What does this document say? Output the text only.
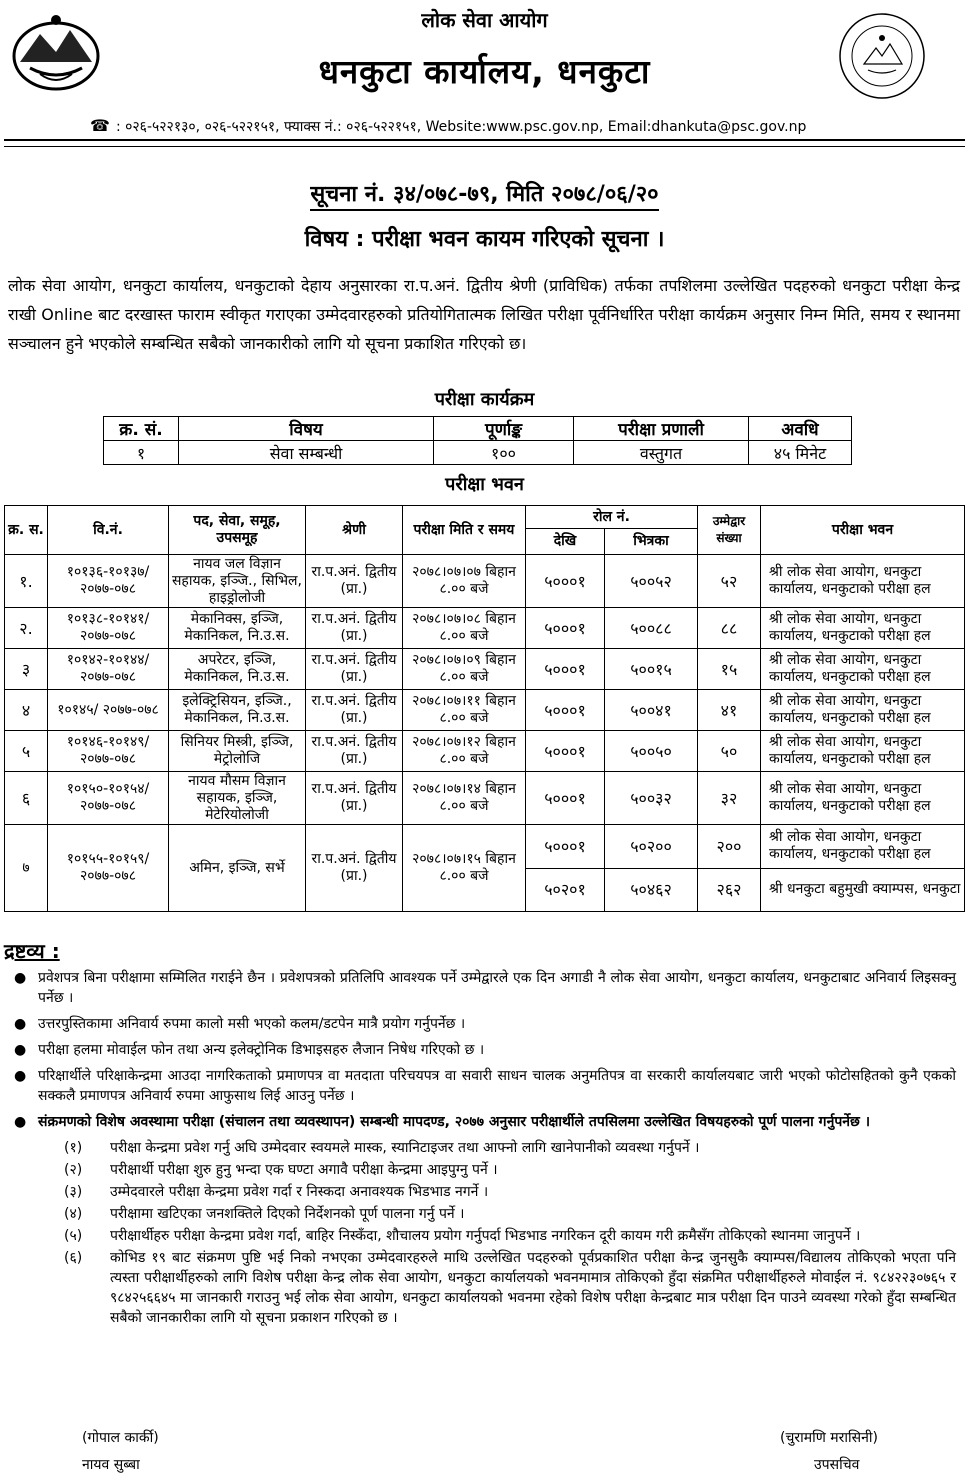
लोक सेवा आयोग
धनकुटा कार्यालय, धनकुटा
☎ : ०२६-५२२१३०, ०२६-५२२१५१, फ्याक्स नं.: ०२६-५२२१५१, Website:www.psc.gov.np, Email:dhankuta@psc.gov.np
सूचना नं. ३४/०७८-७९, मिति २०७८/०६/२०
विषय : परीक्षा भवन कायम गरिएको सूचना ।
लोक सेवा आयोग, धनकुटा कार्यालय, धनकुटाको देहाय अनुसारका रा.प.अनं. द्वितीय श्रेणी (प्राविधिक) तर्फका तपशिलमा उल्लेखित पदहरुको धनकुटा परीक्षा केन्द्र राखी Online बाट दरखास्त फाराम स्वीकृत गराएका उम्मेदवारहरुको प्रतियोगितात्मक लिखित परीक्षा पूर्वनिर्धारित परीक्षा कार्यक्रम अनुसार निम्न मिति, समय र स्थानमा सञ्चालन हुने भएकोले सम्बन्धित सबैको जानकारीको लागि यो सूचना प्रकाशित गरिएको छ।
परीक्षा कार्यक्रम
क्र. सं.	विषय	पूर्णाङ्क	परीक्षा प्रणाली	अवधि
१	सेवा सम्बन्धी	१००	वस्तुगत	४५ मिनेट
परीक्षा भवन
क्र. स.	वि.नं.	पद, सेवा, समूह, उपसमूह	श्रेणी	परीक्षा मिति र समय	रोल नं.		उम्मेद्वार संख्या	परीक्षा भवन
					देखि	भित्रका		
१.	१०१३६-१०१३७/ २०७७-०७८	नायव जल विज्ञान सहायक, इञ्जि., सिभिल, हाइड्रोलोजी	रा.प.अनं. द्वितीय (प्रा.)	२०७८।०७।०७ बिहान ८.०० बजे	५०००१	५००५२	५२	श्री लोक सेवा आयोग, धनकुटा कार्यालय, धनकुटाको परीक्षा हल
२.	१०१३८-१०१४१/ २०७७-०७८	मेकानिक्स, इञ्जि, मेकानिकल, नि.उ.स.	रा.प.अनं. द्वितीय (प्रा.)	२०७८।०७।०८ बिहान ८.०० बजे	५०००१	५००८८	८८	श्री लोक सेवा आयोग, धनकुटा कार्यालय, धनकुटाको परीक्षा हल
३	१०१४२-१०१४४/ २०७७-०७८	अपरेटर, इञ्जि, मेकानिकल, नि.उ.स.	रा.प.अनं. द्वितीय (प्रा.)	२०७८।०७।०९ बिहान ८.०० बजे	५०००१	५००१५	१५	श्री लोक सेवा आयोग, धनकुटा कार्यालय, धनकुटाको परीक्षा हल
४	१०१४५/ २०७७-०७८	इलेक्ट्रिसियन, इञ्जि., मेकानिकल, नि.उ.स.	रा.प.अनं. द्वितीय (प्रा.)	२०७८।०७।११ बिहान ८.०० बजे	५०००१	५००४१	४१	श्री लोक सेवा आयोग, धनकुटा कार्यालय, धनकुटाको परीक्षा हल
५	१०१४६-१०१४९/ २०७७-०७८	सिनियर मिस्त्री, इञ्जि, मेट्रोलोजि	रा.प.अनं. द्वितीय (प्रा.)	२०७८।०७।१२ बिहान ८.०० बजे	५०००१	५००५०	५०	श्री लोक सेवा आयोग, धनकुटा कार्यालय, धनकुटाको परीक्षा हल
६	१०१५०-१०१५४/ २०७७-०७८	नायव मौसम विज्ञान सहायक, इञ्जि, मेटेरियोलोजी	रा.प.अनं. द्वितीय (प्रा.)	२०७८।०७।१४ बिहान ८.०० बजे	५०००१	५००३२	३२	श्री लोक सेवा आयोग, धनकुटा कार्यालय, धनकुटाको परीक्षा हल
७	१०१५५-१०१५९/ २०७७-०७८	अमिन, इञ्जि, सर्भे	रा.प.अनं. द्वितीय (प्रा.)	२०७८।०७।१५ बिहान ८.०० बजे	५०००१	५०२००	२००	श्री लोक सेवा आयोग, धनकुटा कार्यालय, धनकुटाको परीक्षा हल
					५०२०१	५०४६२	२६२	श्री धनकुटा बहुमुखी क्याम्पस, धनकुटा
द्रष्टव्य :
● प्रवेशपत्र बिना परीक्षामा सम्मिलित गराईने छैन । प्रवेशपत्रको प्रतिलिपि आवश्यक पर्ने उम्मेद्वारले एक दिन अगाडी नै लोक सेवा आयोग, धनकुटा कार्यालय, धनकुटाबाट अनिवार्य लिइसक्नु पर्नेछ ।
● उत्तरपुस्तिकामा अनिवार्य रुपमा कालो मसी भएको कलम/डटपेन मात्रै प्रयोग गर्नुपर्नेछ ।
● परीक्षा हलमा मोवाईल फोन तथा अन्य इलेक्ट्रोनिक डिभाइसहरु लैजान निषेध गरिएको छ ।
● परिक्षार्थीले परिक्षाकेन्द्रमा आउदा नागरिकताको प्रमाणपत्र वा मतदाता परिचयपत्र वा सवारी साधन चालक अनुमतिपत्र वा सरकारी कार्यालयबाट जारी भएको फोटोसहितको कुनै एकको सक्कलै प्रमाणपत्र अनिवार्य रुपमा आफुसाथ लिई आउनु पर्नेछ ।
● संक्रमणको विशेष अवस्थामा परीक्षा (संचालन तथा व्यवस्थापन) सम्बन्धी मापदण्ड, २०७७ अनुसार परीक्षार्थीले तपसिलमा उल्लेखित विषयहरुको पूर्ण पालना गर्नुपर्नेछ ।
(१) परीक्षा केन्द्रमा प्रवेश गर्नु अघि उम्मेदवार स्वयमले मास्क, स्यानिटाइजर तथा आफ्नो लागि खानेपानीको व्यवस्था गर्नुपर्ने ।
(२) परीक्षार्थी परीक्षा शुरु हुनु भन्दा एक घण्टा अगावै परीक्षा केन्द्रमा आइपुग्नु पर्ने ।
(३) उम्मेदवारले परीक्षा केन्द्रमा प्रवेश गर्दा र निस्कदा अनावश्यक भिडभाड नगर्ने ।
(४) परीक्षामा खटिएका जनशक्तिले दिएको निर्देशनको पूर्ण पालना गर्नु पर्ने ।
(५) परीक्षार्थीहरु परीक्षा केन्द्रमा प्रवेश गर्दा, बाहिर निस्कँदा, शौचालय प्रयोग गर्नुपर्दा भिडभाड नगरिकन दूरी कायम गरी क्रमैसँग तोकिएको स्थानमा जानुपर्ने ।
(६) कोभिड १९ बाट संक्रमण पुष्टि भई निको नभएका उम्मेदवारहरुले माथि उल्लेखित पदहरुको पूर्वप्रकाशित परीक्षा केन्द्र जुनसुकै क्याम्पस/विद्यालय तोकिएको भएता पनि त्यस्ता परीक्षार्थीहरुको लागि विशेष परीक्षा केन्द्र लोक सेवा आयोग, धनकुटा कार्यालयको भवनमामात्र तोकिएको हुँदा संक्रमित परीक्षार्थीहरुले मोवाईल नं. ९८४२२३०७६५ र ९८४२५६६४५ मा जानकारी गराउनु भई लोक सेवा आयोग, धनकुटा कार्यालयको भवनमा रहेको विशेष परीक्षा केन्द्रबाट मात्र परीक्षा दिन पाउने व्यवस्था गरेको हुँदा सम्बन्धित सबैको जानकारीका लागि यो सूचना प्रकाशन गरिएको छ ।
(गोपाल कार्की)
नायव सुब्बा
(चुरामणि मरासिनी)
उपसचिव
